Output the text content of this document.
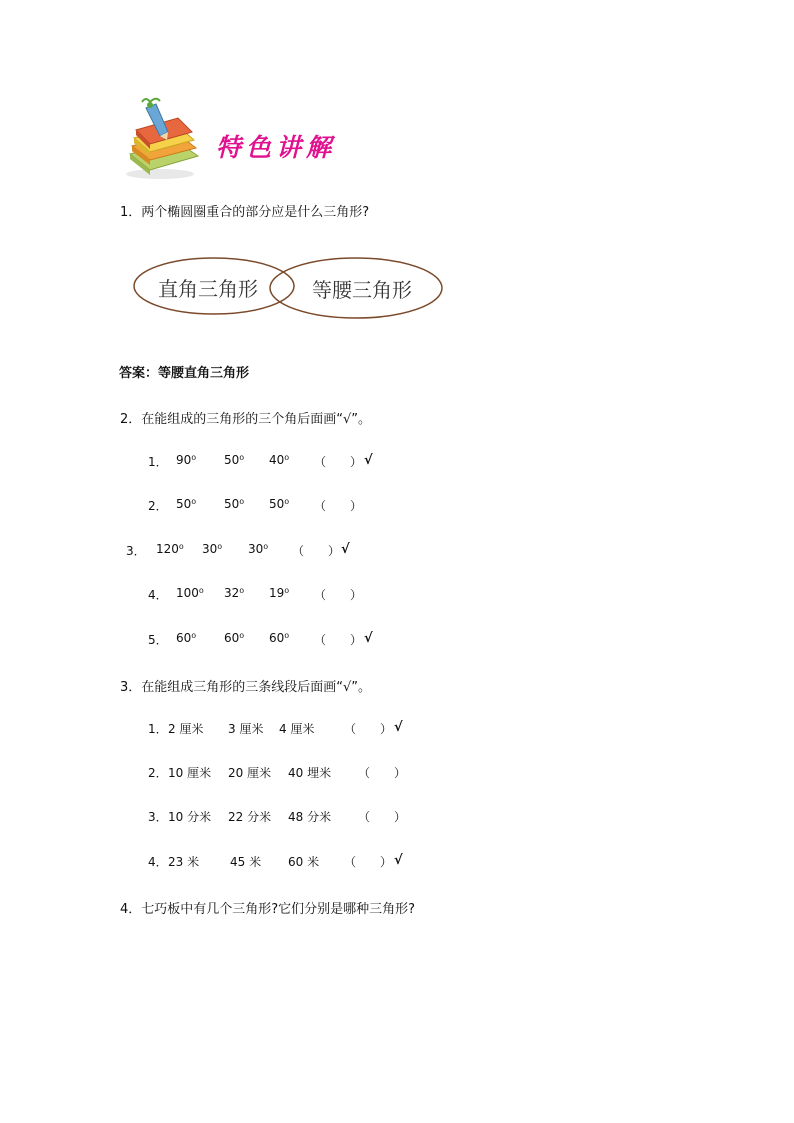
特色讲解
1．两个椭圆圈重合的部分应是什么三角形?
直角三角形	等腰三角形
答案：等腰直角三角形
2．在能组成的三角形的三个角后面画“√”。
1． 90⁰ 50⁰ 40⁰ （　　） √
2． 50⁰ 50⁰ 50⁰ （　　）
3． 120⁰ 30⁰ 30⁰ （　　） √
4． 100⁰ 32⁰ 19⁰ （　　）
5． 60⁰ 60⁰ 60⁰ （　　） √
3．在能组成三角形的三条线段后面画“√”。
1． 2 厘米 3 厘米 4 厘米 （　　） √
2． 10 厘米 20 厘米 40 埋米 （　　）
3． 10 分米 22 分米 48 分米 （　　）
4． 23 米	45 米 60 米 （　　） √
4．七巧板中有几个三角形?它们分别是哪种三角形?
